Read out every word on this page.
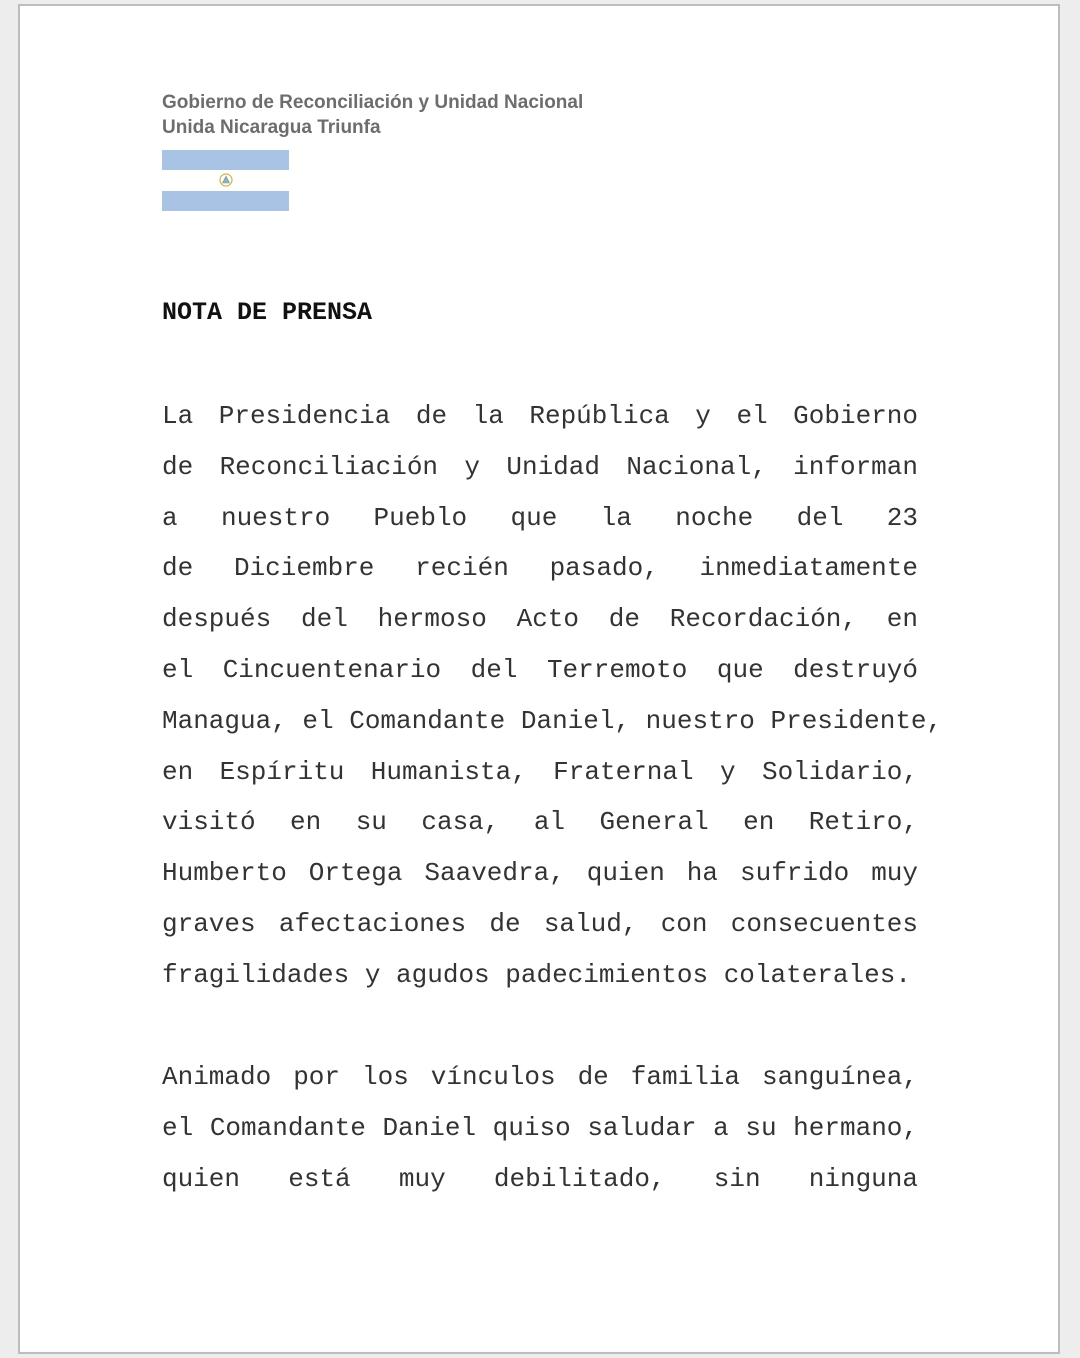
Gobierno de Reconciliación y Unidad Nacional
Unida Nicaragua Triunfa
NOTA DE PRENSA
La Presidencia de la República y el Gobierno
de Reconciliación y Unidad Nacional, informan
a nuestro Pueblo que la noche del 23
de Diciembre recién pasado, inmediatamente
después del hermoso Acto de Recordación, en
el Cincuentenario del Terremoto que destruyó
Managua, el Comandante Daniel, nuestro Presidente,
en Espíritu Humanista, Fraternal y Solidario,
visitó en su casa, al General en Retiro,
Humberto Ortega Saavedra, quien ha sufrido muy
graves afectaciones de salud, con consecuentes
fragilidades y agudos padecimientos colaterales.
Animado por los vínculos de familia sanguínea,
el Comandante Daniel quiso saludar a su hermano,
quien está muy debilitado, sin ninguna
